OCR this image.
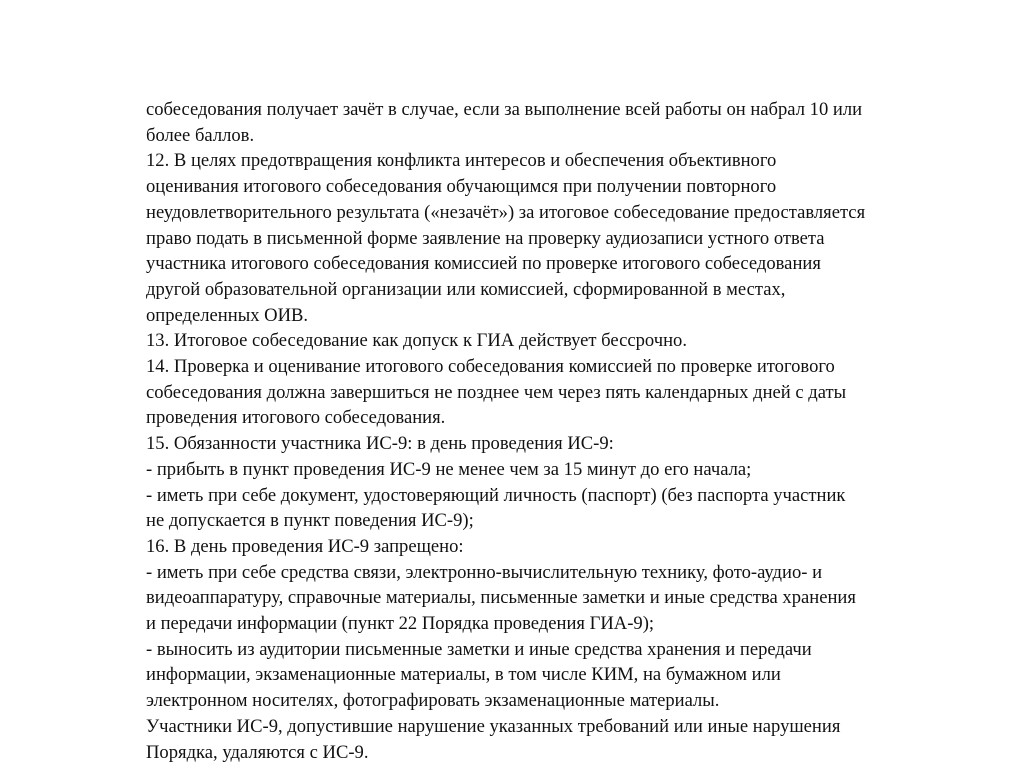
собеседования получает зачёт в случае, если за выполнение всей работы он набрал 10 или
более баллов.
12. В целях предотвращения конфликта интересов и обеспечения объективного
оценивания итогового собеседования обучающимся при получении повторного
неудовлетворительного результата («незачёт») за итоговое собеседование предоставляется
право подать в письменной форме заявление на проверку аудиозаписи устного ответа
участника итогового собеседования комиссией по проверке итогового собеседования
другой образовательной организации или комиссией, сформированной в местах,
определенных ОИВ.
13. Итоговое собеседование как допуск к ГИА действует бессрочно.
14. Проверка и оценивание итогового собеседования комиссией по проверке итогового
собеседования должна завершиться не позднее чем через пять календарных дней с даты
проведения итогового собеседования.
15. Обязанности участника ИС-9: в день проведения ИС-9:
- прибыть в пункт проведения ИС-9 не менее чем за 15 минут до его начала;
- иметь при себе документ, удостоверяющий личность (паспорт) (без паспорта участник
не допускается в пункт поведения ИС-9);
16. В день проведения ИС-9 запрещено:
- иметь при себе средства связи, электронно-вычислительную технику, фото-аудио- и
видеоаппаратуру, справочные материалы, письменные заметки и иные средства хранения
и передачи информации (пункт 22 Порядка проведения ГИА-9);
- выносить из аудитории письменные заметки и иные средства хранения и передачи
информации, экзаменационные материалы, в том числе КИМ, на бумажном или
электронном носителях, фотографировать экзаменационные материалы.
Участники ИС-9, допустившие нарушение указанных требований или иные нарушения
Порядка, удаляются с ИС-9.
